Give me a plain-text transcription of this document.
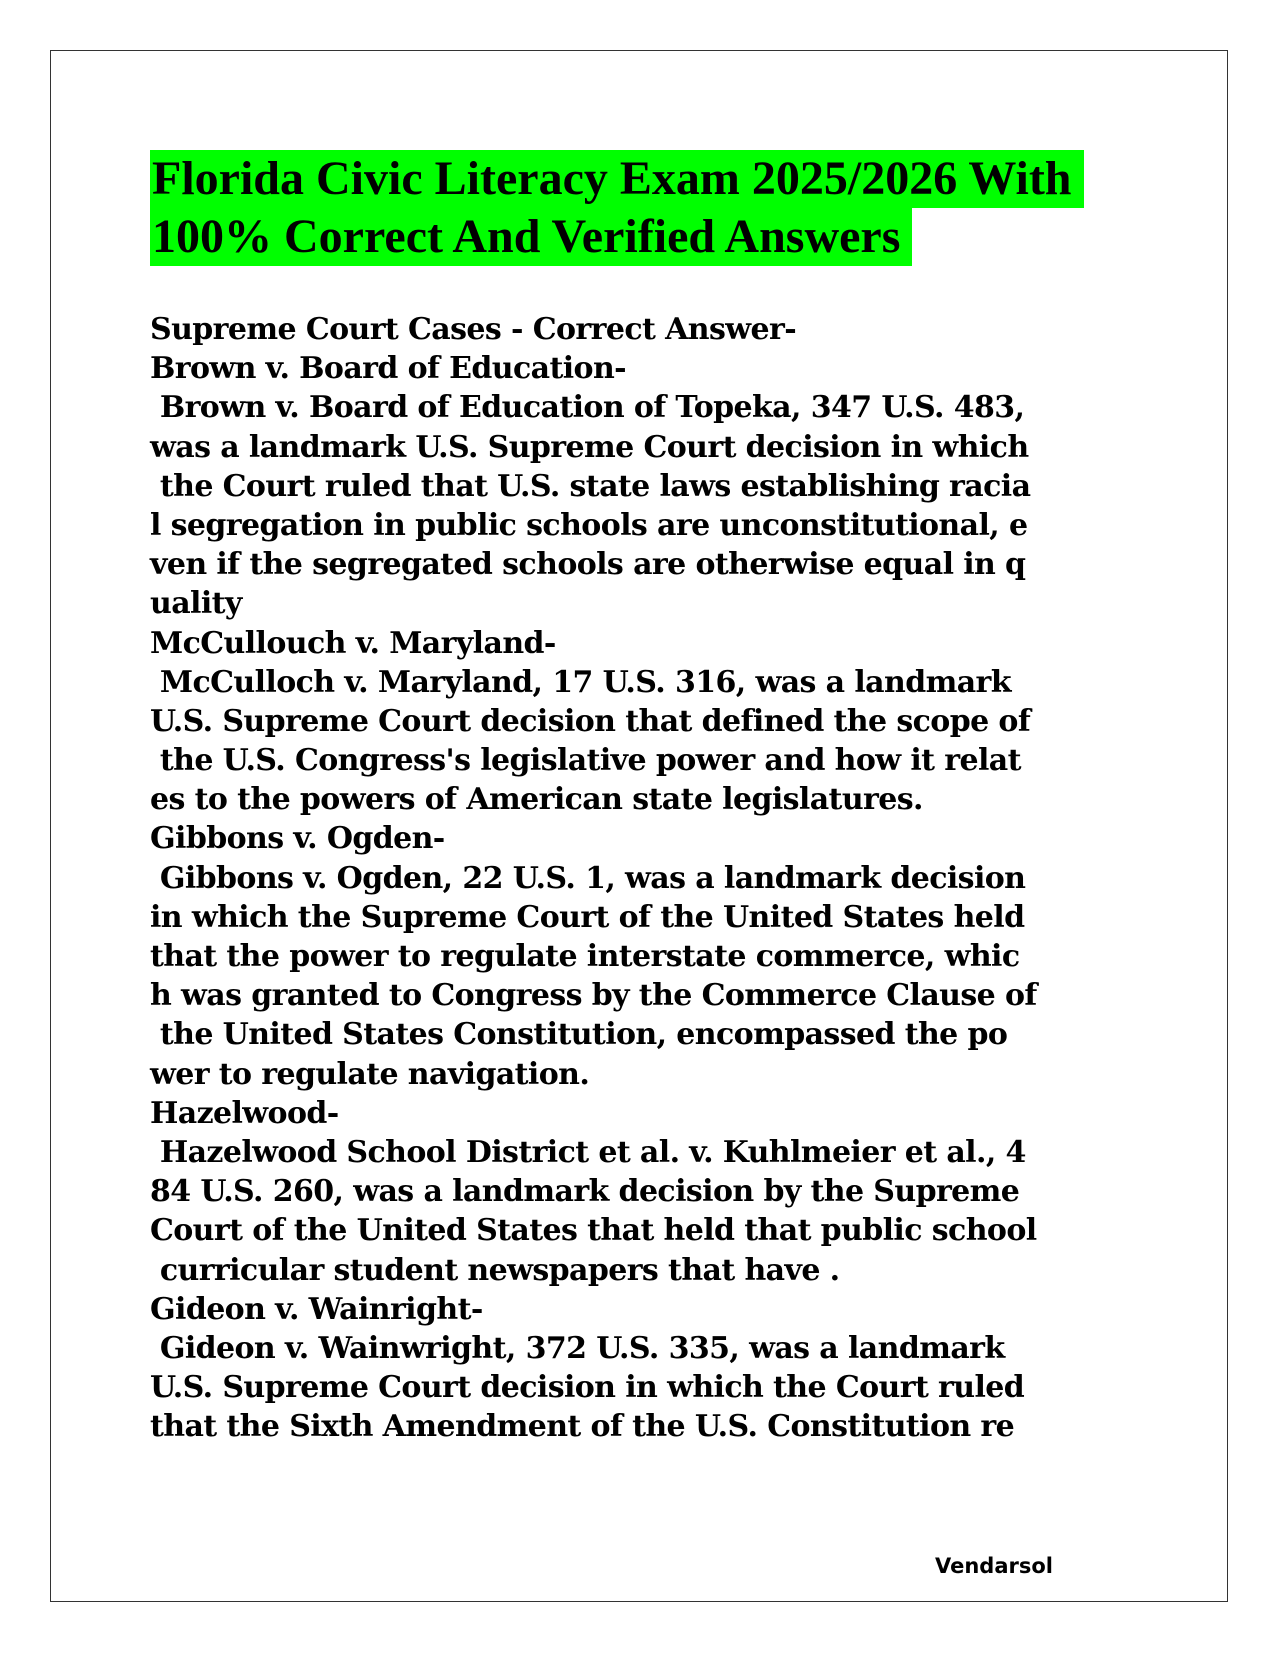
Florida Civic Literacy Exam 2025/2026 With
100% Correct And Verified Answers
Supreme Court Cases - Correct Answer-
Brown v. Board of Education-
Brown v. Board of Education of Topeka, 347 U.S. 483,
was a landmark U.S. Supreme Court decision in which
the Court ruled that U.S. state laws establishing racia
l segregation in public schools are unconstitutional, e
ven if the segregated schools are otherwise equal in q
uality
McCullouch v. Maryland-
McCulloch v. Maryland, 17 U.S. 316, was a landmark
U.S. Supreme Court decision that defined the scope of
the U.S. Congress's legislative power and how it relat
es to the powers of American state legislatures.
Gibbons v. Ogden-
Gibbons v. Ogden, 22 U.S. 1, was a landmark decision
in which the Supreme Court of the United States held
that the power to regulate interstate commerce, whic
h was granted to Congress by the Commerce Clause of
the United States Constitution, encompassed the po
wer to regulate navigation.
Hazelwood-
Hazelwood School District et al. v. Kuhlmeier et al., 4
84 U.S. 260, was a landmark decision by the Supreme
Court of the United States that held that public school
curricular student newspapers that have .
Gideon v. Wainright-
Gideon v. Wainwright, 372 U.S. 335, was a landmark
U.S. Supreme Court decision in which the Court ruled
that the Sixth Amendment of the U.S. Constitution re
Vendarsol
